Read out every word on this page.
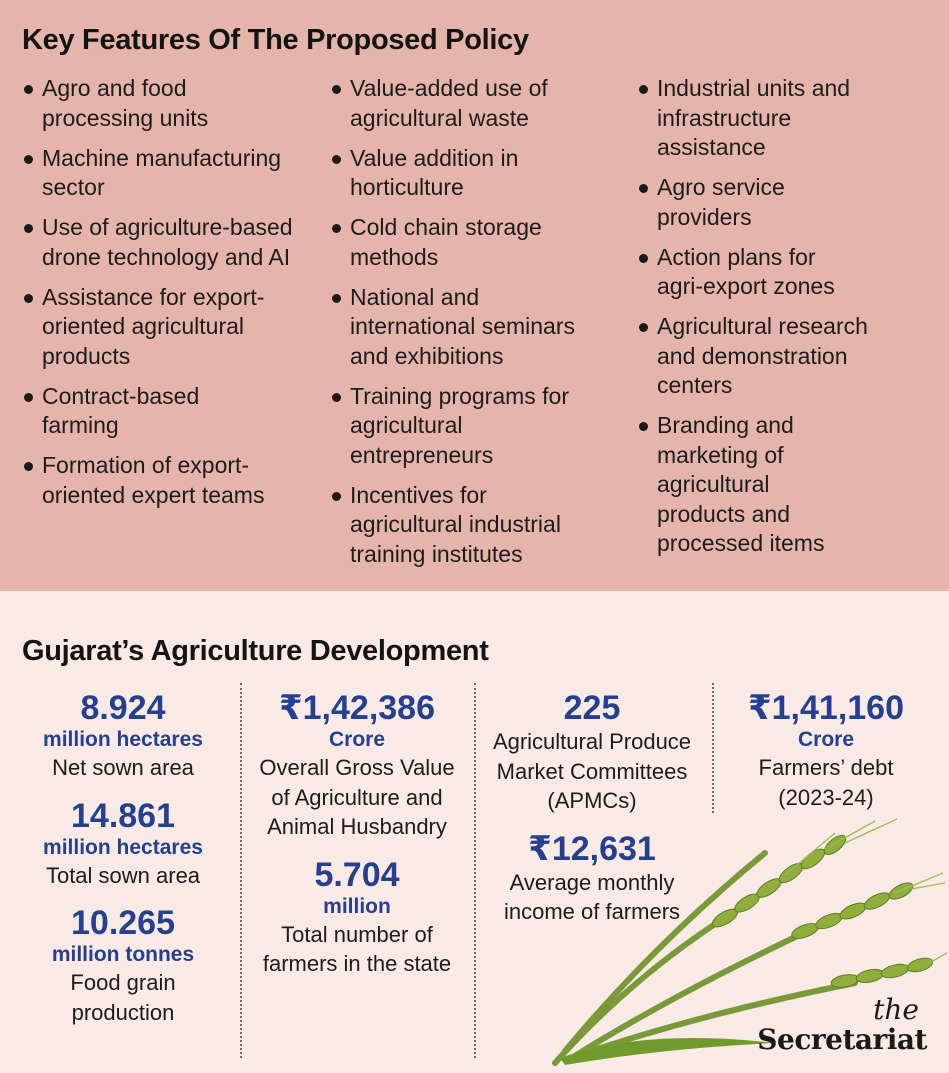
Key Features Of The Proposed Policy
Agro and food processing units
Machine manufacturing sector
Use of agriculture-based drone technology and AI
Assistance for export-oriented agricultural products
Contract-based farming
Formation of export-oriented expert teams
Value-added use of agricultural waste
Value addition in horticulture
Cold chain storage methods
National and international seminars and exhibitions
Training programs for agricultural entrepreneurs
Incentives for agricultural industrial training institutes
Industrial units and infrastructure assistance
Agro service providers
Action plans for agri-export zones
Agricultural research and demonstration centers
Branding and marketing of agricultural products and processed items
Gujarat’s Agriculture Development
8.924
million hectares
Net sown area
14.861
million hectares
Total sown area
10.265
million tonnes
Food grain production
₹1,42,386
Crore
Overall Gross Value of Agriculture and Animal Husbandry
5.704
million
Total number of farmers in the state
225
Agricultural Produce Market Committees (APMCs)
₹12,631
Average monthly income of farmers
₹1,41,160
Crore
Farmers’ debt (2023-24)
the
Secretariat
